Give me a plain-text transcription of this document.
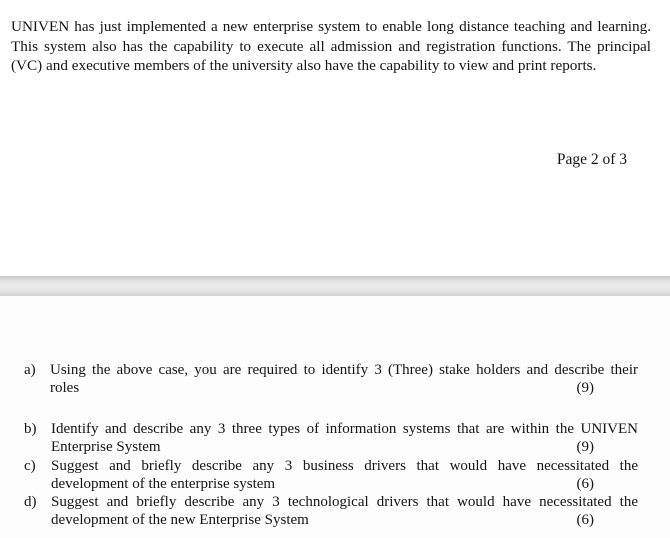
UNIVEN has just implemented a new enterprise system to enable long distance teaching and learning. This system also has the capability to execute all admission and registration functions. The principal (VC) and executive members of the university also have the capability to view and print reports.

Page 2 of 3
a) Using the above case, you are required to identify 3 (Three) stake holders and describe their
roles	(9)
b) Identify and describe any 3 three types of information systems that are within the UNIVEN
Enterprise System	(9)
c) Suggest and briefly describe any 3 business drivers that would have necessitated the
development of the enterprise system	(6)
d) Suggest and briefly describe any 3 technological drivers that would have necessitated the
development of the new Enterprise System	(6)
